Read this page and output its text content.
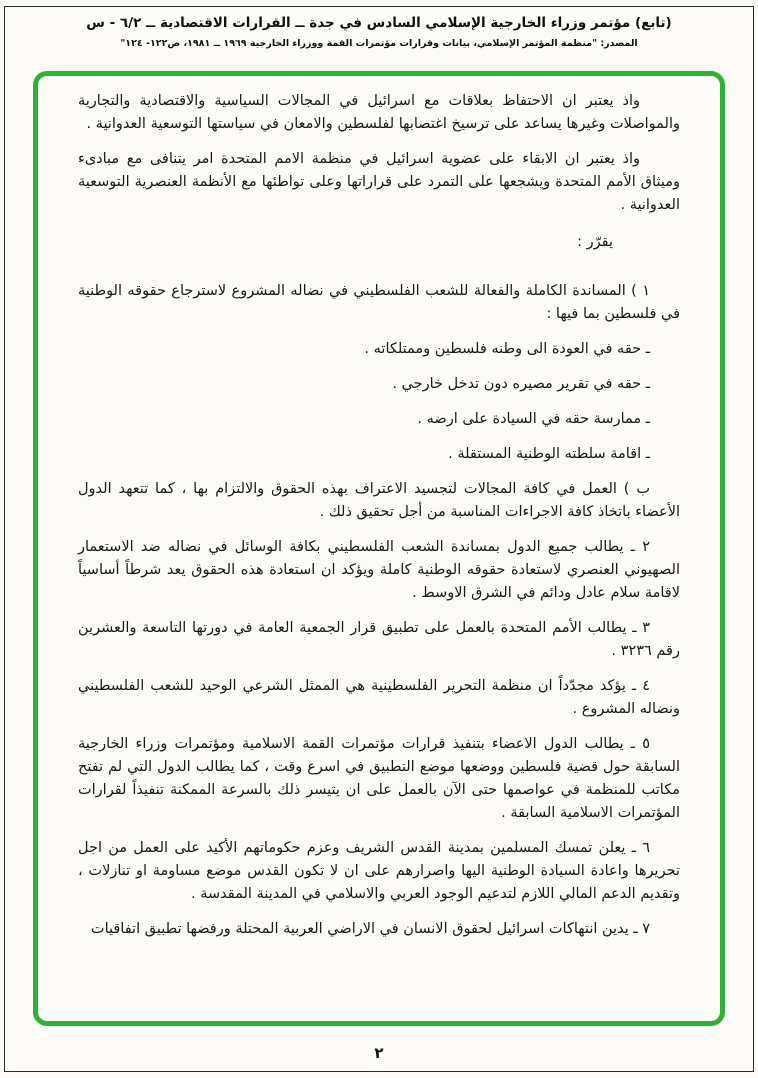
(تابع) مؤتمر وزراء الخارجية الإسلامي السادس في جدة ــ القرارات الاقتصادية ــ ٦/٢ - س
المصدر: "منظمة المؤتمر الإسلامي، بيانات وقرارات مؤتمرات القمة ووزراء الخارجية ١٩٦٩ ــ ١٩٨١، ص١٢٢- ١٢٤"

واذ يعتبر ان الاحتفاظ بعلاقات مع اسرائيل في المجالات السياسية والاقتصادية والتجارية والمواصلات وغيرها يساعد على ترسيخ اغتصابها لفلسطين والامعان في سياستها التوسعية العدوانية .

واذ يعتبر ان الابقاء على عضوية اسرائيل في منظمة الامم المتحدة امر يتنافى مع مبادىء وميثاق الأمم المتحدة ويشجعها على التمرد على قراراتها وعلى تواطئها مع الأنظمة العنصرية التوسعية العدوانية .

يقرّر :

١ ) المساندة الكاملة والفعالة للشعب الفلسطيني في نضاله المشروع لاسترجاع حقوقه الوطنية في فلسطين بما فيها :

ـ حقه في العودة الى وطنه فلسطين وممتلكاته .

ـ حقه في تقرير مصيره دون تدخل خارجي .

ـ ممارسة حقه في السيادة على ارضه .

ـ اقامة سلطته الوطنية المستقلة .

ب ) العمل في كافة المجالات لتجسيد الاعتراف بهذه الحقوق والالتزام بها ، كما تتعهد الدول الأعضاء باتخاذ كافة الاجراءات المناسبة من أجل تحقيق ذلك .

٢ ـ يطالب جميع الدول بمساندة الشعب الفلسطيني بكافة الوسائل في نضاله ضد الاستعمار الصهيوني العنصري لاستعادة حقوقه الوطنية كاملة ويؤكد ان استعادة هذه الحقوق يعد شرطاً أساسياً لاقامة سلام عادل ودائم في الشرق الاوسط .

٣ ـ يطالب الأمم المتحدة بالعمل على تطبيق قرار الجمعية العامة في دورتها التاسعة والعشرين رقم ٣٢٣٦ .

٤ ـ يؤكد مجدّداً ان منظمة التحرير الفلسطينية هي الممثل الشرعي الوحيد للشعب الفلسطيني ونضاله المشروع .

٥ ـ يطالب الدول الاعضاء بتنفيذ قرارات مؤتمرات القمة الاسلامية ومؤتمرات وزراء الخارجية السابقة حول قضية فلسطين ووضعها موضع التطبيق في اسرع وقت ، كما يطالب الدول التي لم تفتح مكاتب للمنظمة في عواصمها حتى الآن بالعمل على ان يتيسر ذلك بالسرعة الممكنة تنفيذاً لقرارات المؤتمرات الاسلامية السابقة .

٦ ـ يعلن تمسك المسلمين بمدينة القدس الشريف وعزم حكوماتهم الأكيد على العمل من اجل تحريرها واعادة السيادة الوطنية اليها واصرارهم على ان لا تكون القدس موضع مساومة او تنازلات ، وتقديم الدعم المالي اللازم لتدعيم الوجود العربي والاسلامي في المدينة المقدسة .

٧ ـ يدين انتهاكات اسرائيل لحقوق الانسان في الاراضي العربية المحتلة ورفضها تطبيق اتفاقيات

٢
